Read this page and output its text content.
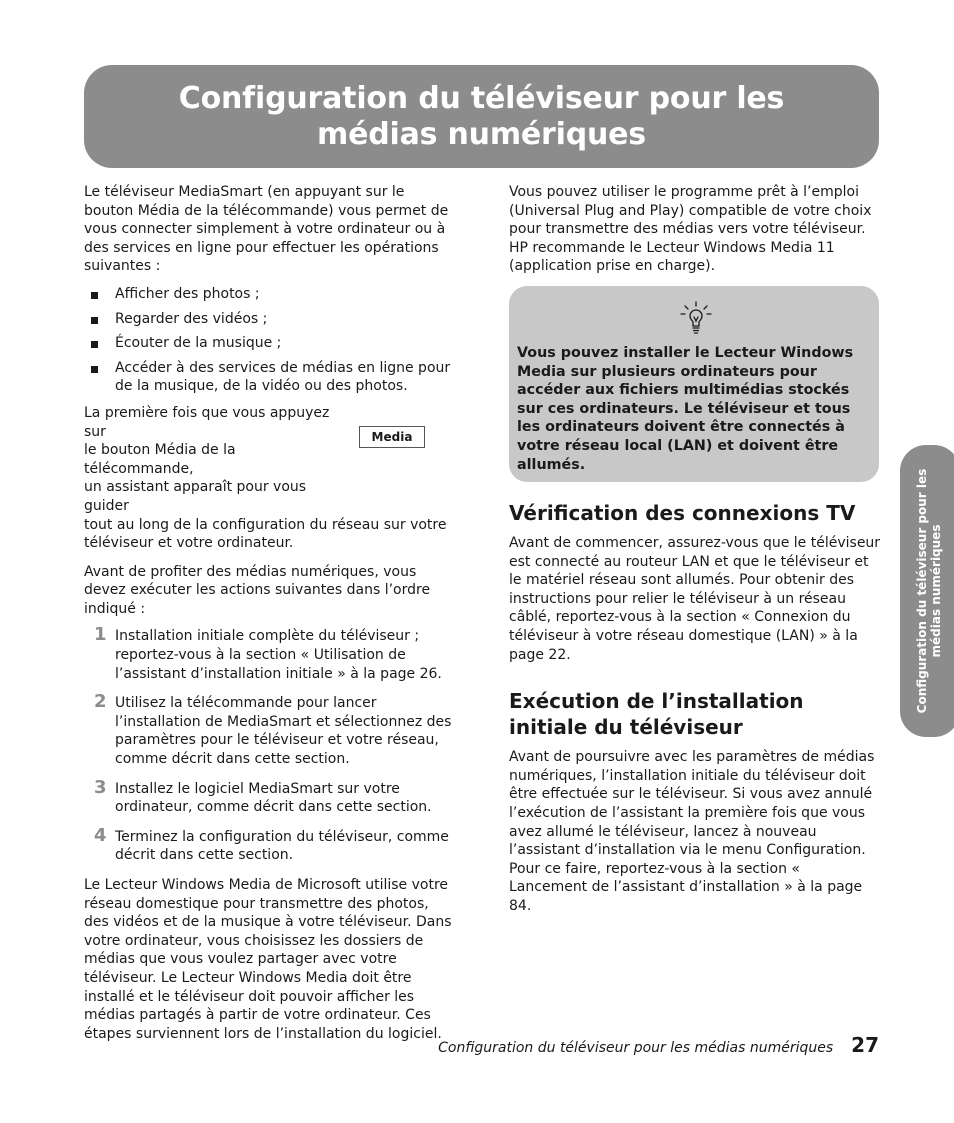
Configuration du téléviseur pour les
médias numériques

Le téléviseur MediaSmart (en appuyant sur le bouton Média de la télécommande) vous permet de vous connecter simplement à votre ordinateur ou à des services en ligne pour effectuer les opérations suivantes :

Afficher des photos ;
Regarder des vidéos ;
Écouter de la musique ;
Accéder à des services de médias en ligne pour de la musique, de la vidéo ou des photos.
La première fois que vous appuyez sur
le bouton Média de la télécommande,
un assistant apparaît pour vous guider
tout au long de la configuration du réseau sur votre téléviseur et votre ordinateur.
Media

Avant de profiter des médias numériques, vous devez exécuter les actions suivantes dans l’ordre indiqué :

1 Installation initiale complète du téléviseur ; reportez-vous à la section « Utilisation de l’assistant d’installation initiale » à la page 26.
2 Utilisez la télécommande pour lancer l’installation de MediaSmart et sélectionnez des paramètres pour le téléviseur et votre réseau, comme décrit dans cette section.
3 Installez le logiciel MediaSmart sur votre ordinateur, comme décrit dans cette section.
4 Terminez la configuration du téléviseur, comme décrit dans cette section.

Le Lecteur Windows Media de Microsoft utilise votre réseau domestique pour transmettre des photos, des vidéos et de la musique à votre téléviseur. Dans votre ordinateur, vous choisissez les dossiers de médias que vous voulez partager avec votre téléviseur. Le Lecteur Windows Media doit être installé et le téléviseur doit pouvoir afficher les médias partagés à partir de votre ordinateur. Ces étapes surviennent lors de l’installation du logiciel.

Vous pouvez utiliser le programme prêt à l’emploi (Universal Plug and Play) compatible de votre choix pour transmettre des médias vers votre téléviseur.

HP recommande le Lecteur Windows Media 11 (application prise en charge).

Vous pouvez installer le Lecteur Windows Media sur plusieurs ordinateurs pour accéder aux fichiers multimédias stockés sur ces ordinateurs. Le téléviseur et tous les ordinateurs doivent être connectés à votre réseau local (LAN) et doivent être allumés.
Vérification des connexions TV

Avant de commencer, assurez-vous que le téléviseur est connecté au routeur LAN et que le téléviseur et le matériel réseau sont allumés. Pour obtenir des instructions pour relier le téléviseur à un réseau câblé, reportez-vous à la section « Connexion du téléviseur à votre réseau domestique (LAN) » à la page 22.

Exécution de l’installation initiale du téléviseur

Avant de poursuivre avec les paramètres de médias numériques, l’installation initiale du téléviseur doit être effectuée sur le téléviseur. Si vous avez annulé l’exécution de l’assistant la première fois que vous avez allumé le téléviseur, lancez à nouveau l’assistant d’installation via le menu Configuration. Pour ce faire, reportez-vous à la section « Lancement de l’assistant d’installation » à la page 84.

Configuration du téléviseur pour les médias numériques
Configuration du téléviseur pour les médias numériques 27
